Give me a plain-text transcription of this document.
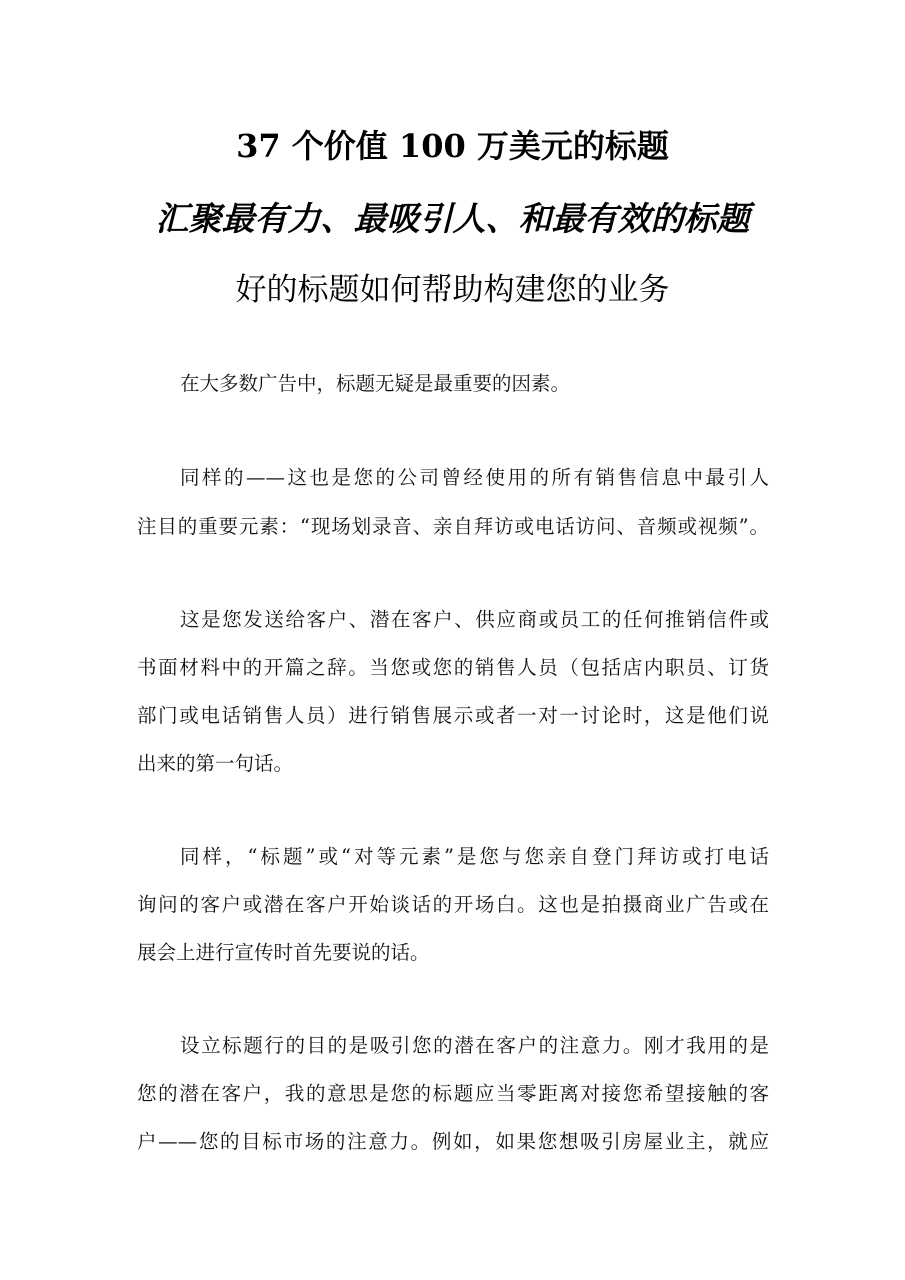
37 个价值 100 万美元的标题
汇聚最有力、最吸引人、和最有效的标题
好的标题如何帮助构建您的业务
在大多数广告中，标题无疑是最重要的因素。
同样的——这也是您的公司曾经使用的所有销售信息中最引人
注目的重要元素：“现场划录音、亲自拜访或电话访问、音频或视频”。
这是您发送给客户、潜在客户、供应商或员工的任何推销信件或
书面材料中的开篇之辞。当您或您的销售人员（包括店内职员、订货
部门或电话销售人员）进行销售展示或者一对一讨论时，这是他们说
出来的第一句话。
同样，“标题”或“对等元素”是您与您亲自登门拜访或打电话
询问的客户或潜在客户开始谈话的开场白。这也是拍摄商业广告或在
展会上进行宣传时首先要说的话。
设立标题行的目的是吸引您的潜在客户的注意力。刚才我用的是
您的潜在客户，我的意思是您的标题应当零距离对接您希望接触的客
户——您的目标市场的注意力。例如，如果您想吸引房屋业主，就应
